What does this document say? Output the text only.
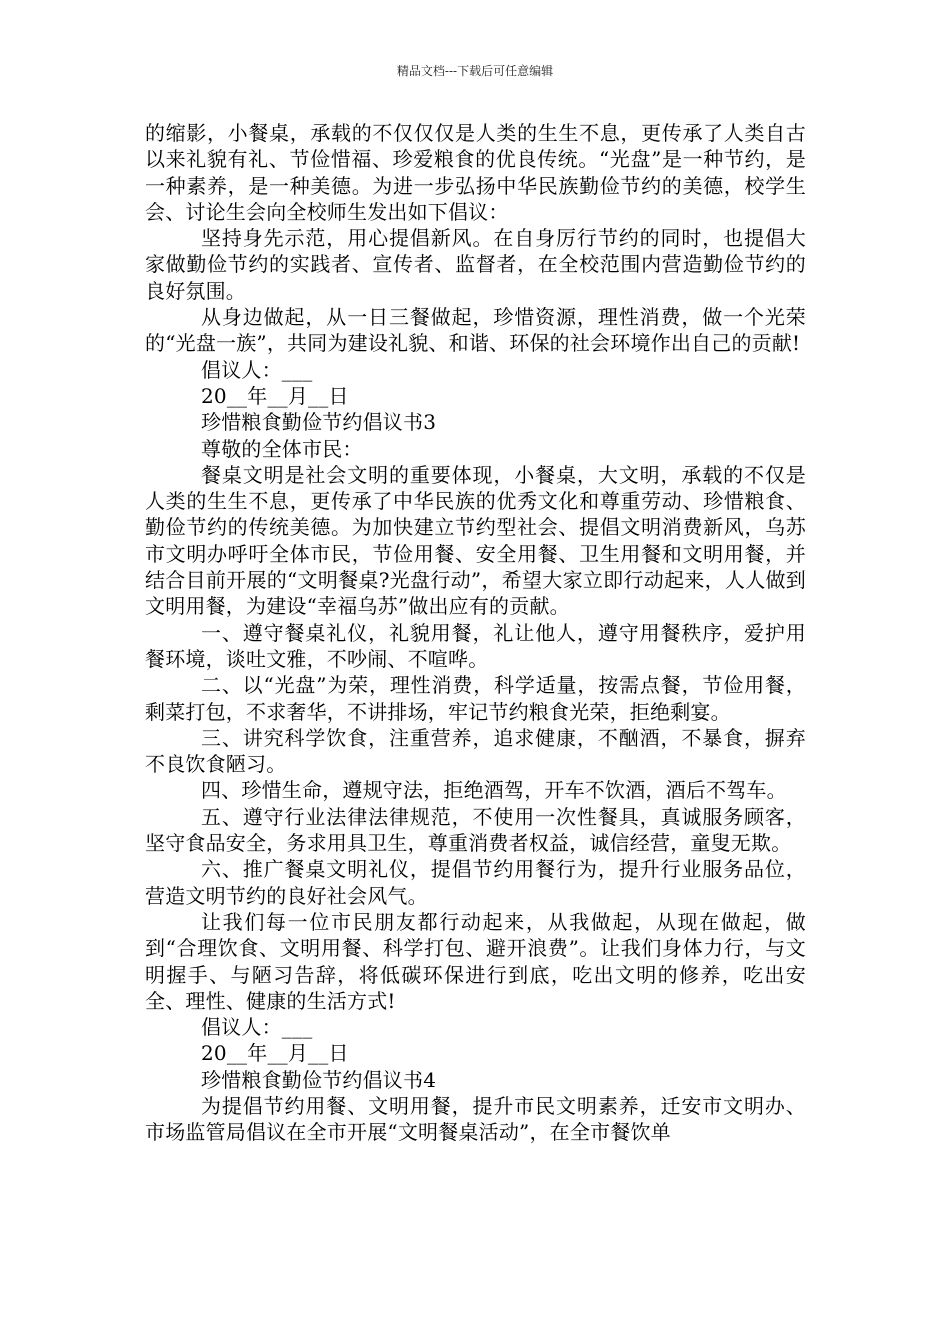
精品文档---下载后可任意编辑

的缩影，小餐桌，承载的不仅仅仅是人类的生生不息，更传承了人类自古以来礼貌有礼、节俭惜福、珍爱粮食的优良传统。“光盘”是一种节约，是一种素养，是一种美德。为进一步弘扬中华民族勤俭节约的美德，校学生会、讨论生会向全校师生发出如下倡议：

坚持身先示范，用心提倡新风。在自身厉行节约的同时，也提倡大家做勤俭节约的实践者、宣传者、监督者，在全校范围内营造勤俭节约的良好氛围。

从身边做起，从一日三餐做起，珍惜资源，理性消费，做一个光荣的“光盘一族”，共同为建设礼貌、和谐、环保的社会环境作出自己的贡献!

倡议人：___

20__年__月__日

珍惜粮食勤俭节约倡议书3

尊敬的全体市民：

餐桌文明是社会文明的重要体现，小餐桌，大文明，承载的不仅是人类的生生不息，更传承了中华民族的优秀文化和尊重劳动、珍惜粮食、勤俭节约的传统美德。为加快建立节约型社会、提倡文明消费新风，乌苏市文明办呼吁全体市民，节俭用餐、安全用餐、卫生用餐和文明用餐，并结合目前开展的“文明餐桌?光盘行动”，希望大家立即行动起来，人人做到文明用餐，为建设“幸福乌苏”做出应有的贡献。

一、遵守餐桌礼仪，礼貌用餐，礼让他人，遵守用餐秩序，爱护用餐环境，谈吐文雅，不吵闹、不喧哗。

二、以“光盘”为荣，理性消费，科学适量，按需点餐，节俭用餐，剩菜打包，不求奢华，不讲排场，牢记节约粮食光荣，拒绝剩宴。

三、讲究科学饮食，注重营养，追求健康，不酗酒，不暴食，摒弃不良饮食陋习。

四、珍惜生命，遵规守法，拒绝酒驾，开车不饮酒，酒后不驾车。

五、遵守行业法律法律规范，不使用一次性餐具，真诚服务顾客，坚守食品安全，务求用具卫生，尊重消费者权益，诚信经营，童叟无欺。

六、推广餐桌文明礼仪，提倡节约用餐行为，提升行业服务品位，营造文明节约的良好社会风气。

让我们每一位市民朋友都行动起来，从我做起，从现在做起，做到“合理饮食、文明用餐、科学打包、避开浪费”。让我们身体力行，与文明握手、与陋习告辞，将低碳环保进行到底，吃出文明的修养，吃出安全、理性、健康的生活方式!

倡议人：___

20__年__月__日

珍惜粮食勤俭节约倡议书4

为提倡节约用餐、文明用餐，提升市民文明素养，迁安市文明办、市场监管局倡议在全市开展“文明餐桌活动”，在全市餐饮单
